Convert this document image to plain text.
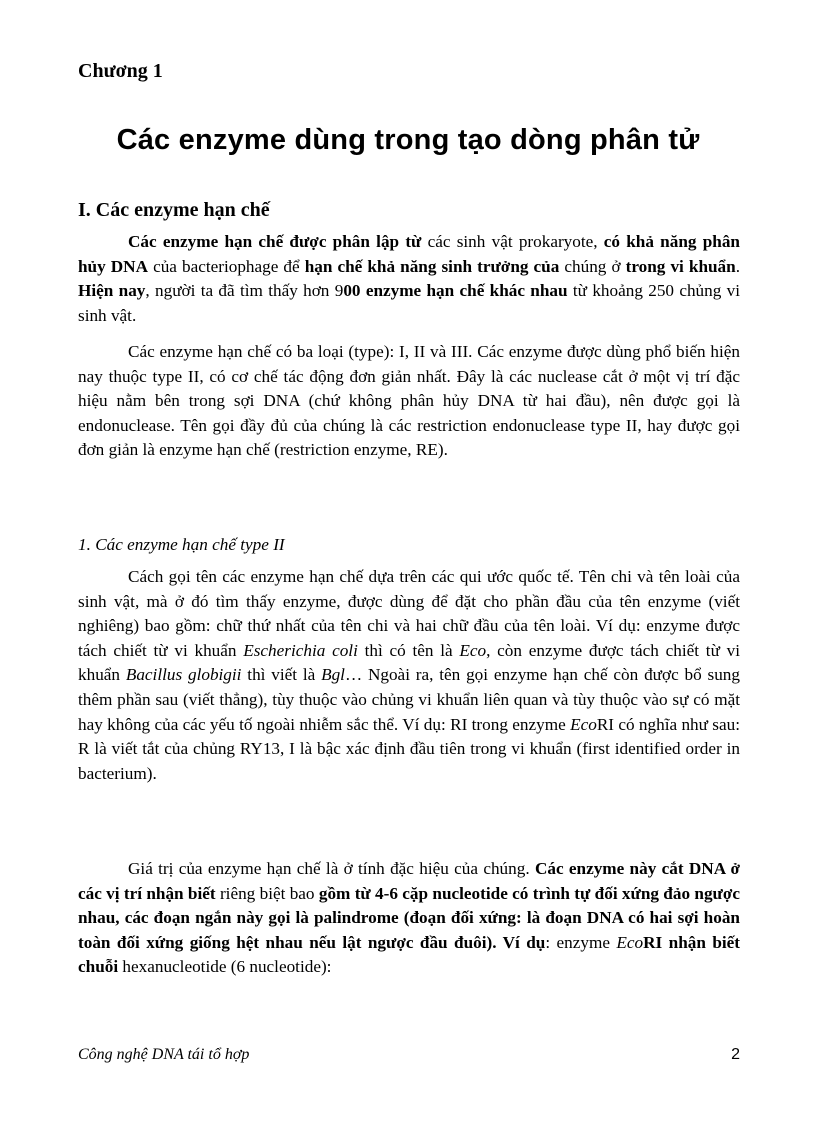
Chương 1
Các enzyme dùng trong tạo dòng phân tử
I. Các enzyme hạn chế

Các enzyme hạn chế được phân lập từ các sinh vật prokaryote, có khả năng phân hủy DNA của bacteriophage để hạn chế khả năng sinh trưởng của chúng ở trong vi khuẩn. Hiện nay, người ta đã tìm thấy hơn 900 enzyme hạn chế khác nhau từ khoảng 250 chủng vi sinh vật.

Các enzyme hạn chế có ba loại (type): I, II và III. Các enzyme được dùng phổ biến hiện nay thuộc type II, có cơ chế tác động đơn giản nhất. Đây là các nuclease cắt ở một vị trí đặc hiệu nằm bên trong sợi DNA (chứ không phân hủy DNA từ hai đầu), nên được gọi là endonuclease. Tên gọi đầy đủ của chúng là các restriction endonuclease type II, hay được gọi đơn giản là enzyme hạn chế (restriction enzyme, RE).

1. Các enzyme hạn chế type II

Cách gọi tên các enzyme hạn chế dựa trên các qui ước quốc tế. Tên chi và tên loài của sinh vật, mà ở đó tìm thấy enzyme, được dùng để đặt cho phần đầu của tên enzyme (viết nghiêng) bao gồm: chữ thứ nhất của tên chi và hai chữ đầu của tên loài. Ví dụ: enzyme được tách chiết từ vi khuẩn Escherichia coli thì có tên là Eco, còn enzyme được tách chiết từ vi khuẩn Bacillus globigii thì viết là Bgl… Ngoài ra, tên gọi enzyme hạn chế còn được bổ sung thêm phần sau (viết thẳng), tùy thuộc vào chủng vi khuẩn liên quan và tùy thuộc vào sự có mặt hay không của các yếu tố ngoài nhiễm sắc thể. Ví dụ: RI trong enzyme EcoRI có nghĩa như sau: R là viết tắt của chủng RY13, I là bậc xác định đầu tiên trong vi khuẩn (first identified order in bacterium).

Giá trị của enzyme hạn chế là ở tính đặc hiệu của chúng. Các enzyme này cắt DNA ở các vị trí nhận biết riêng biệt bao gồm từ 4-6 cặp nucleotide có trình tự đối xứng đảo ngược nhau, các đoạn ngắn này gọi là palindrome (đoạn đối xứng: là đoạn DNA có hai sợi hoàn toàn đối xứng giống hệt nhau nếu lật ngược đầu đuôi). Ví dụ: enzyme EcoRI nhận biết chuỗi hexanucleotide (6 nucleotide):

Công nghệ DNA tái tổ hợp	2
